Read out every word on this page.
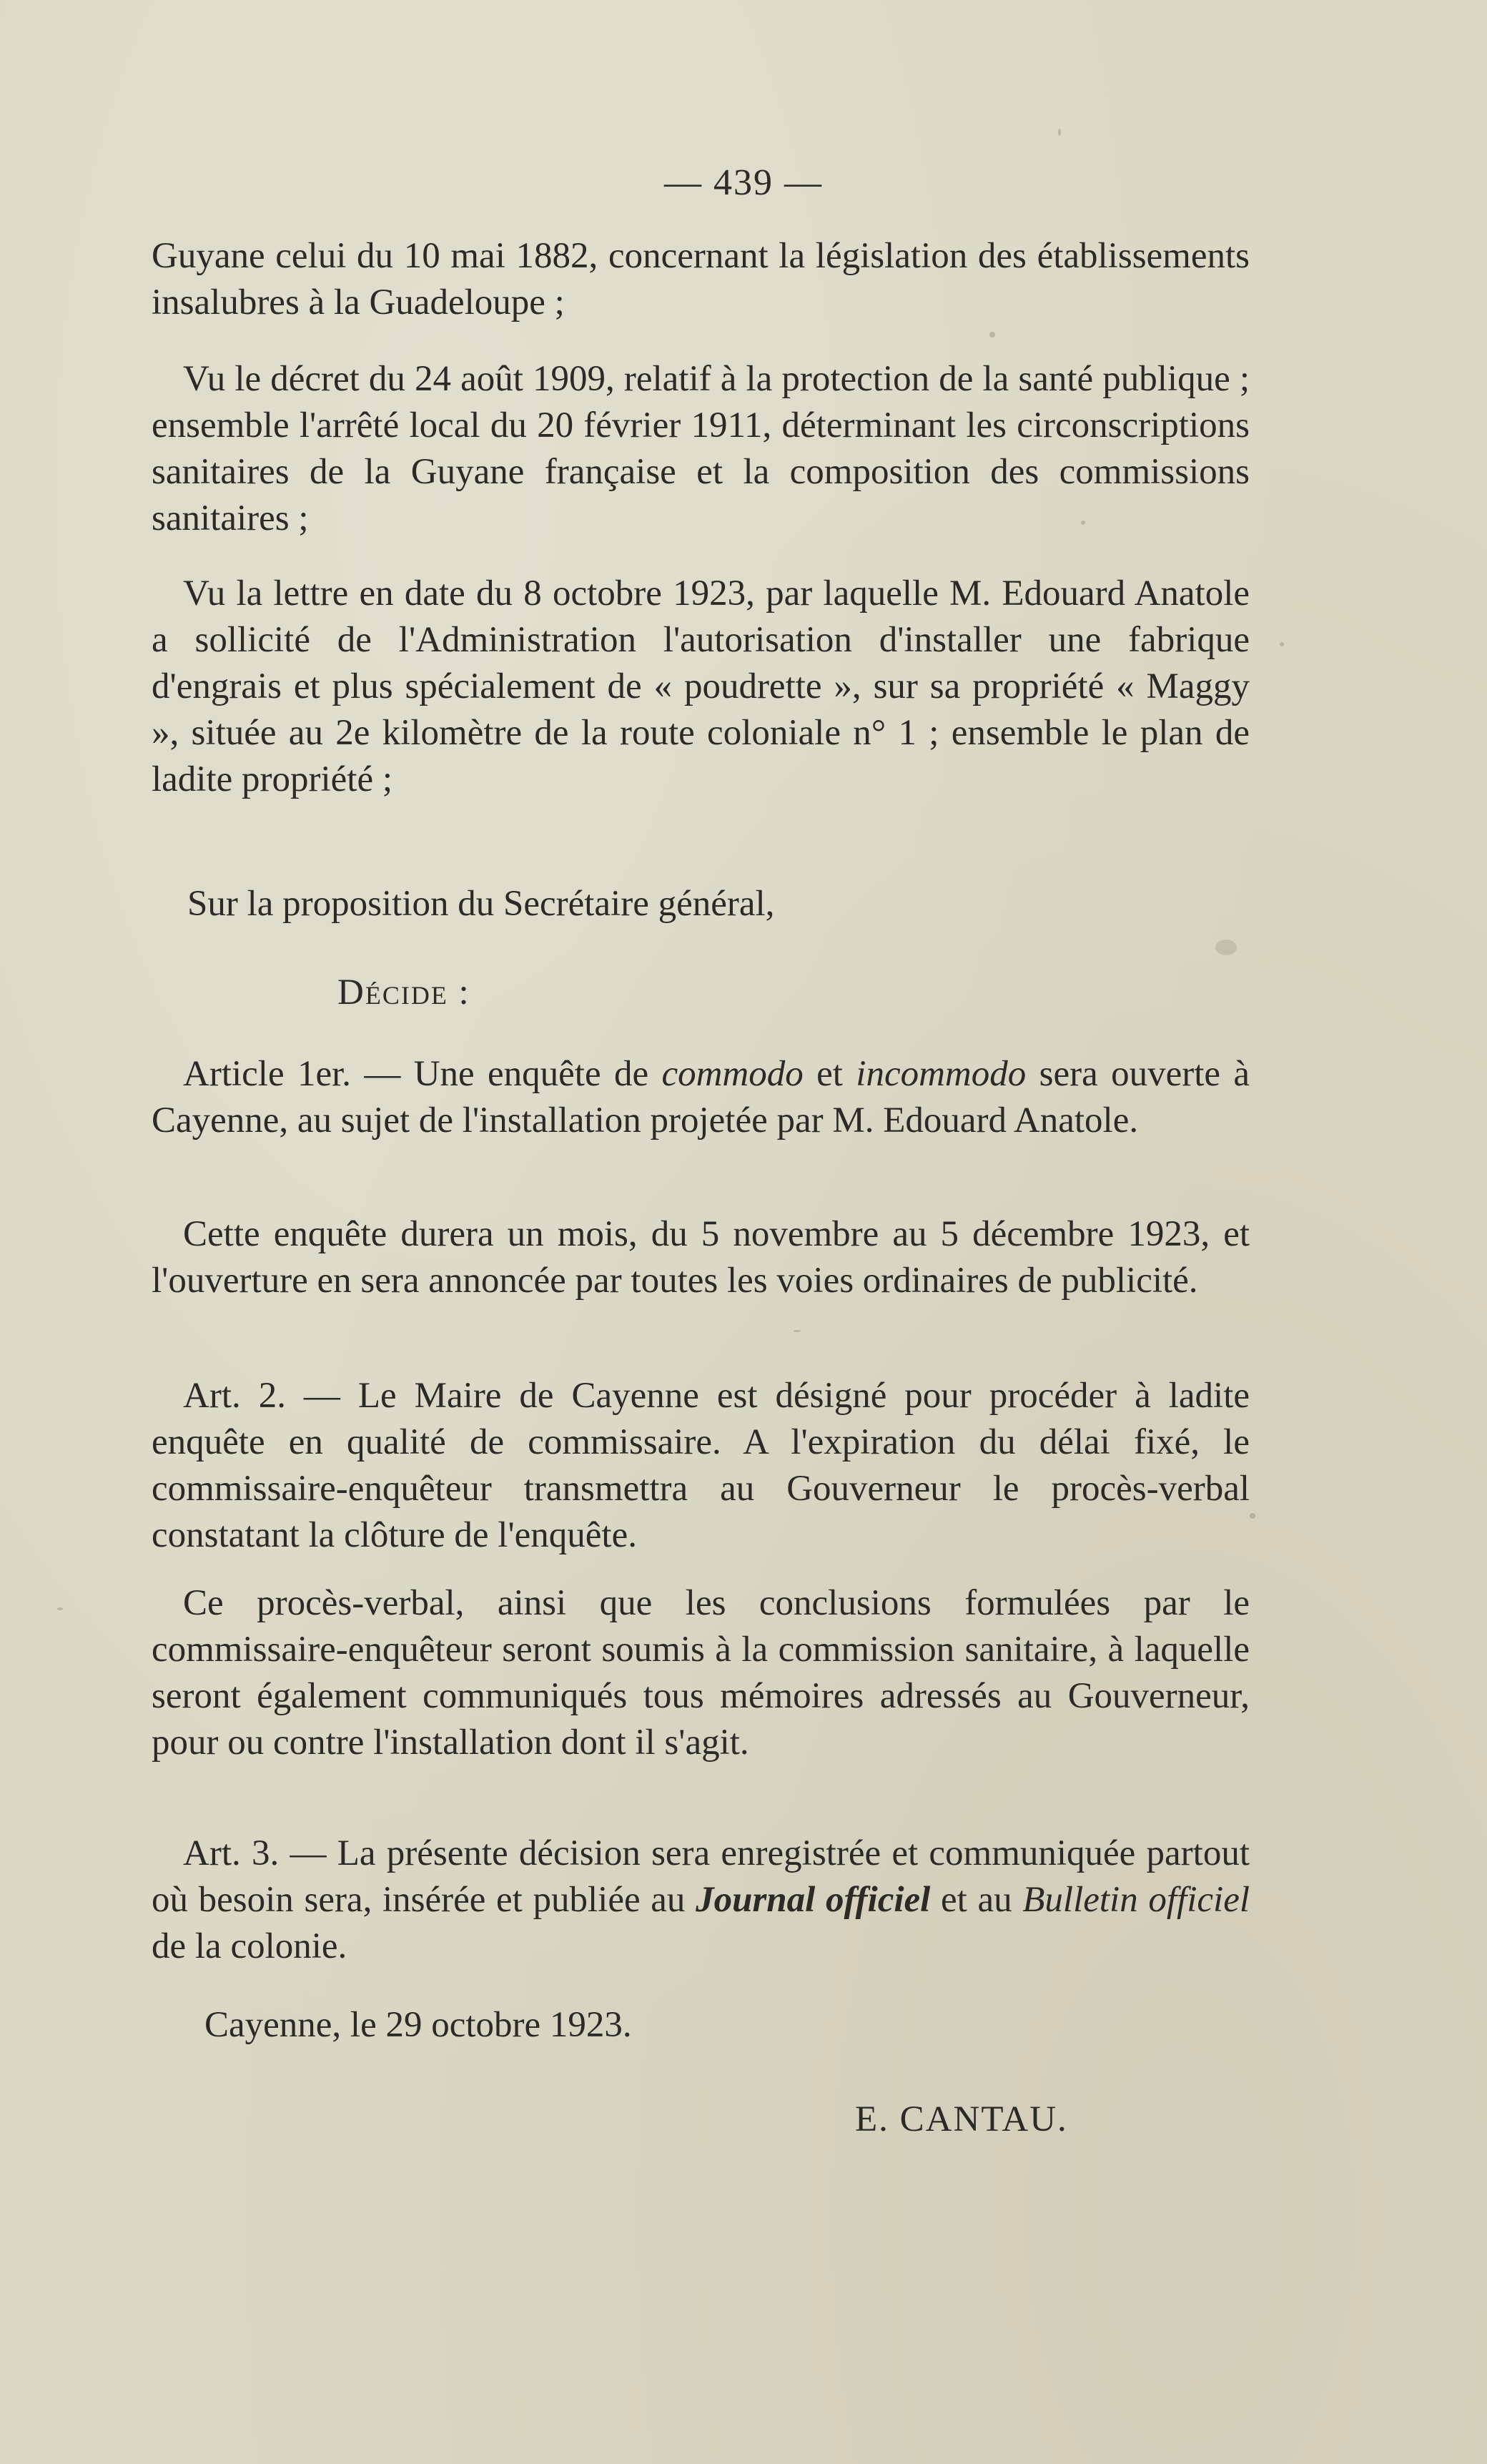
— 439 —
Guyane celui du 10 mai 1882, concernant la législation des établissements insalubres à la Guadeloupe ;
Vu le décret du 24 août 1909, relatif à la protection de la santé publique ; ensemble l'arrêté local du 20 février 1911, déterminant les circonscriptions sanitaires de la Guyane française et la composition des commissions sanitaires ;
Vu la lettre en date du 8 octobre 1923, par laquelle M. Edouard Anatole a sollicité de l'Administration l'autorisation d'installer une fabrique d'engrais et plus spécialement de « poudrette », sur sa propriété « Maggy », située au 2e kilomètre de la route coloniale n° 1 ; ensemble le plan de ladite propriété ;
Sur la proposition du Secrétaire général,
Décide :
Article 1er. — Une enquête de commodo et incommodo sera ouverte à Cayenne, au sujet de l'installation projetée par M. Edouard Anatole.
Cette enquête durera un mois, du 5 novembre au 5 décembre 1923, et l'ouverture en sera annoncée par toutes les voies ordinaires de publicité.
Art. 2. — Le Maire de Cayenne est désigné pour procéder à ladite enquête en qualité de commissaire. A l'expiration du délai fixé, le commissaire-enquêteur transmettra au Gouverneur le procès-verbal constatant la clôture de l'enquête.
Ce procès-verbal, ainsi que les conclusions formulées par le commissaire-enquêteur seront soumis à la commission sanitaire, à laquelle seront également communiqués tous mémoires adressés au Gouverneur, pour ou contre l'installation dont il s'agit.
Art. 3. — La présente décision sera enregistrée et communiquée partout où besoin sera, insérée et publiée au Journal officiel et au Bulletin officiel de la colonie.
Cayenne, le 29 octobre 1923.
E. CANTAU.
